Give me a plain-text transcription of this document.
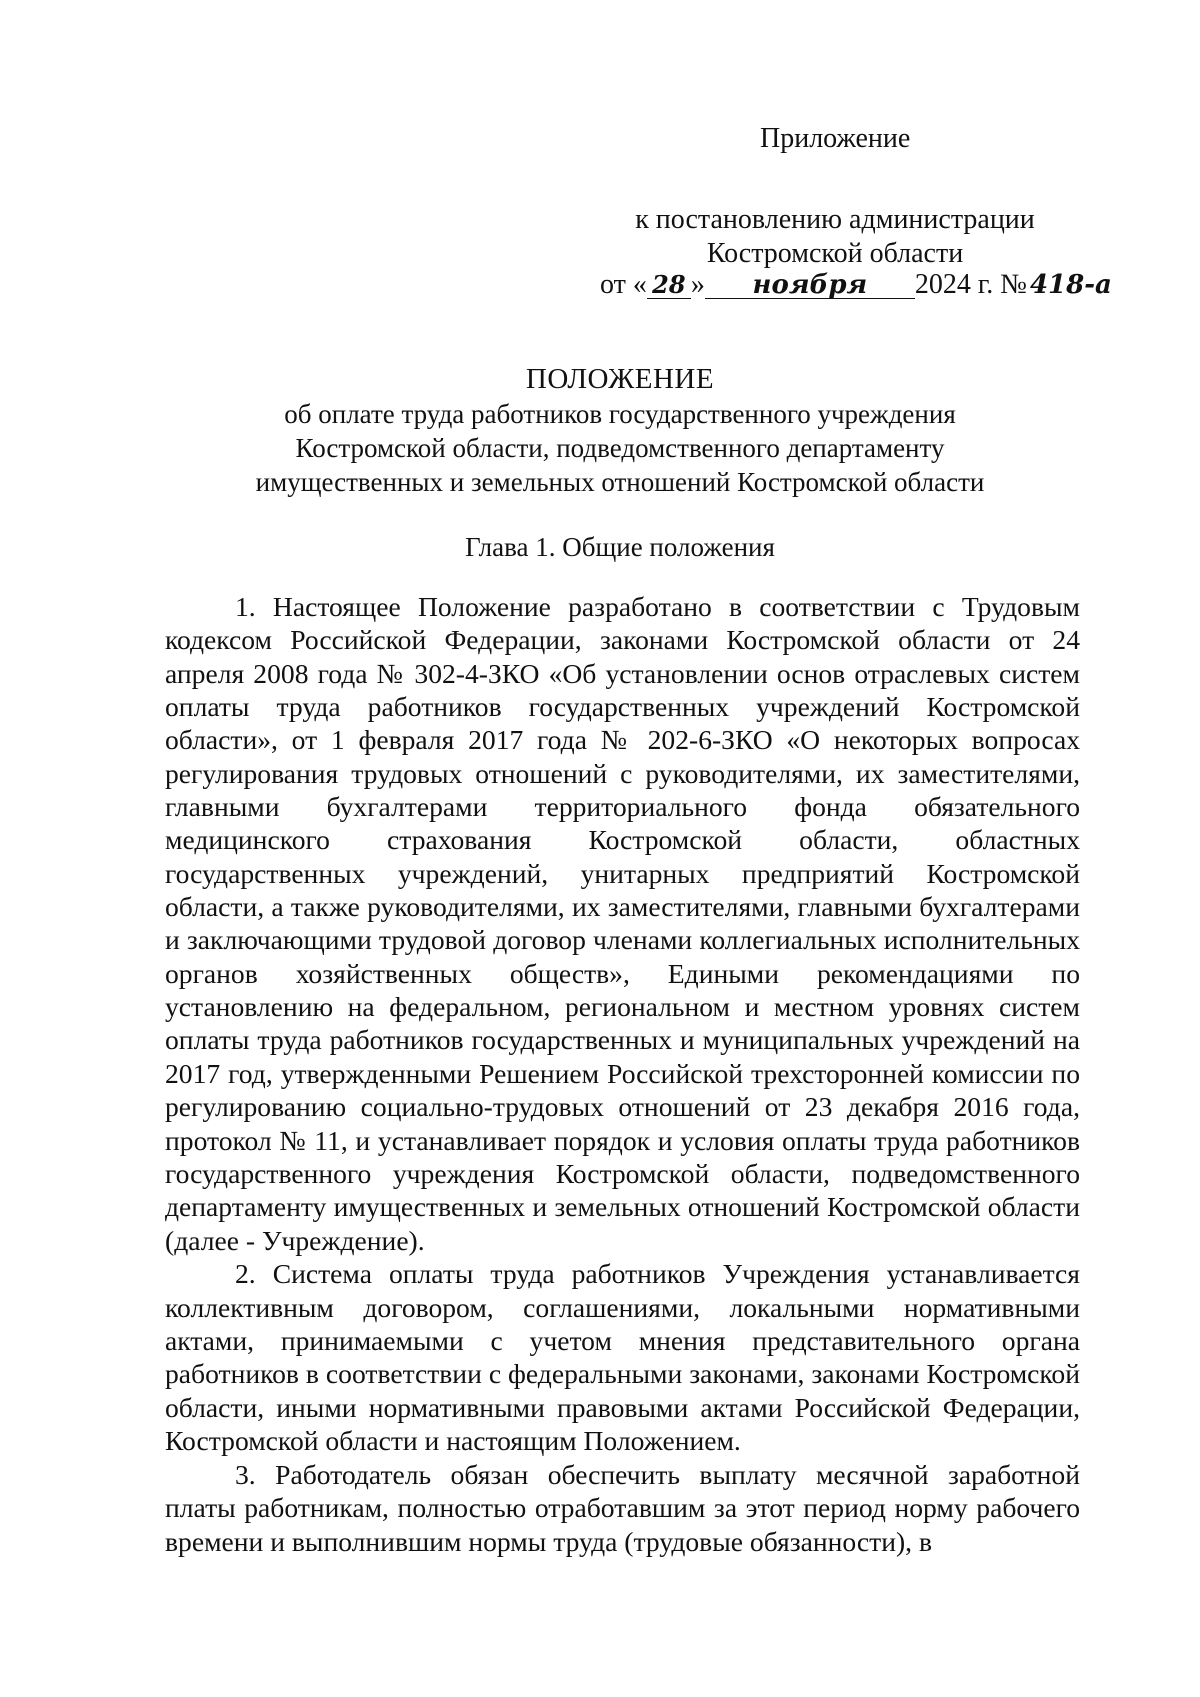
Приложение
к постановлению администрации
Костромской области
от « 28 » ноября 2024 г. № 418-а
ПОЛОЖЕНИЕ
об оплате труда работников государственного учреждения
Костромской области, подведомственного департаменту
имущественных и земельных отношений Костромской области
Глава 1. Общие положения

1. Настоящее Положение разработано в соответствии с Трудовым кодексом Российской Федерации, законами Костромской области от 24 апреля 2008 года № 302-4-ЗКО «Об установлении основ отраслевых систем оплаты труда работников государственных учреждений Костромской области», от 1 февраля 2017 года № 202-6-ЗКО «О некоторых вопросах регулирования трудовых отношений с руководителями, их заместителями, главными бухгалтерами территориального фонда обязательного медицинского страхования Костромской области, областных государственных учреждений, унитарных предприятий Костромской области, а также руководителями, их заместителями, главными бухгалтерами и заключающими трудовой договор членами коллегиальных исполнительных органов хозяйственных обществ», Едиными рекомендациями по установлению на федеральном, региональном и местном уровнях систем оплаты труда работников государственных и муниципальных учреждений на 2017 год, утвержденными Решением Российской трехсторонней комиссии по регулированию социально-трудовых отношений от 23 декабря 2016 года, протокол № 11, и устанавливает порядок и условия оплаты труда работников государственного учреждения Костромской области, подведомственного департаменту имущественных и земельных отношений Костромской области (далее - Учреждение).

2. Система оплаты труда работников Учреждения устанавливается коллективным договором, соглашениями, локальными нормативными актами, принимаемыми с учетом мнения представительного органа работников в соответствии с федеральными законами, законами Костромской области, иными нормативными правовыми актами Российской Федерации, Костромской области и настоящим Положением.

3. Работодатель обязан обеспечить выплату месячной заработной платы работникам, полностью отработавшим за этот период норму рабочего времени и выполнившим нормы труда (трудовые обязанности), в
